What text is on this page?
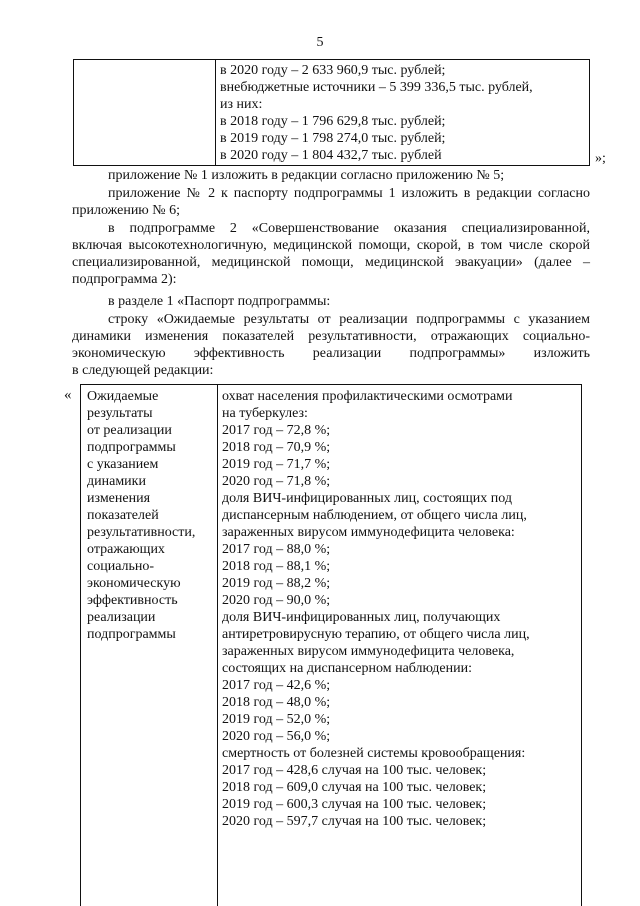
5
в 2020 году – 2 633 960,9 тыс. рублей;
внебюджетные источники – 5 399 336,5 тыс. рублей,
из них:
в 2018 году – 1 796 629,8 тыс. рублей;
в 2019 году – 1 798 274,0 тыс. рублей;
в 2020 году – 1 804 432,7 тыс. рублей	»;
приложение № 1 изложить в редакции согласно приложению № 5;
приложение № 2 к паспорту подпрограммы 1 изложить в редакции согласно
приложению № 6;
в подпрограмме 2 «Совершенствование оказания специализированной,
включая высокотехнологичную, медицинской помощи, скорой, в том числе скорой
специализированной, медицинской помощи, медицинской эвакуации» (далее –
подпрограмма 2):
в разделе 1 «Паспорт подпрограммы:
строку «Ожидаемые результаты от реализации подпрограммы с указанием
динамики изменения показателей результативности, отражающих социально-
экономическую эффективность реализации подпрограммы» изложить
в следующей редакции:
« Ожидаемые
результаты
от реализации
подпрограммы
с указанием
динамики
изменения
показателей
результативности,
отражающих
социально-
экономическую
эффективность
реализации
подпрограммы
охват населения профилактическими осмотрами
на туберкулез:
2017 год – 72,8 %;
2018 год – 70,9 %;
2019 год – 71,7 %;
2020 год – 71,8 %;
доля ВИЧ-инфицированных лиц, состоящих под
диспансерным наблюдением, от общего числа лиц,
зараженных вирусом иммунодефицита человека:
2017 год – 88,0 %;
2018 год – 88,1 %;
2019 год – 88,2 %;
2020 год – 90,0 %;
доля ВИЧ-инфицированных лиц, получающих
антиретровирусную терапию, от общего числа лиц,
зараженных вирусом иммунодефицита человека,
состоящих на диспансерном наблюдении:
2017 год – 42,6 %;
2018 год – 48,0 %;
2019 год – 52,0 %;
2020 год – 56,0 %;
смертность от болезней системы кровообращения:
2017 год – 428,6 случая на 100 тыс. человек;
2018 год – 609,0 случая на 100 тыс. человек;
2019 год – 600,3 случая на 100 тыс. человек;
2020 год – 597,7 случая на 100 тыс. человек;
